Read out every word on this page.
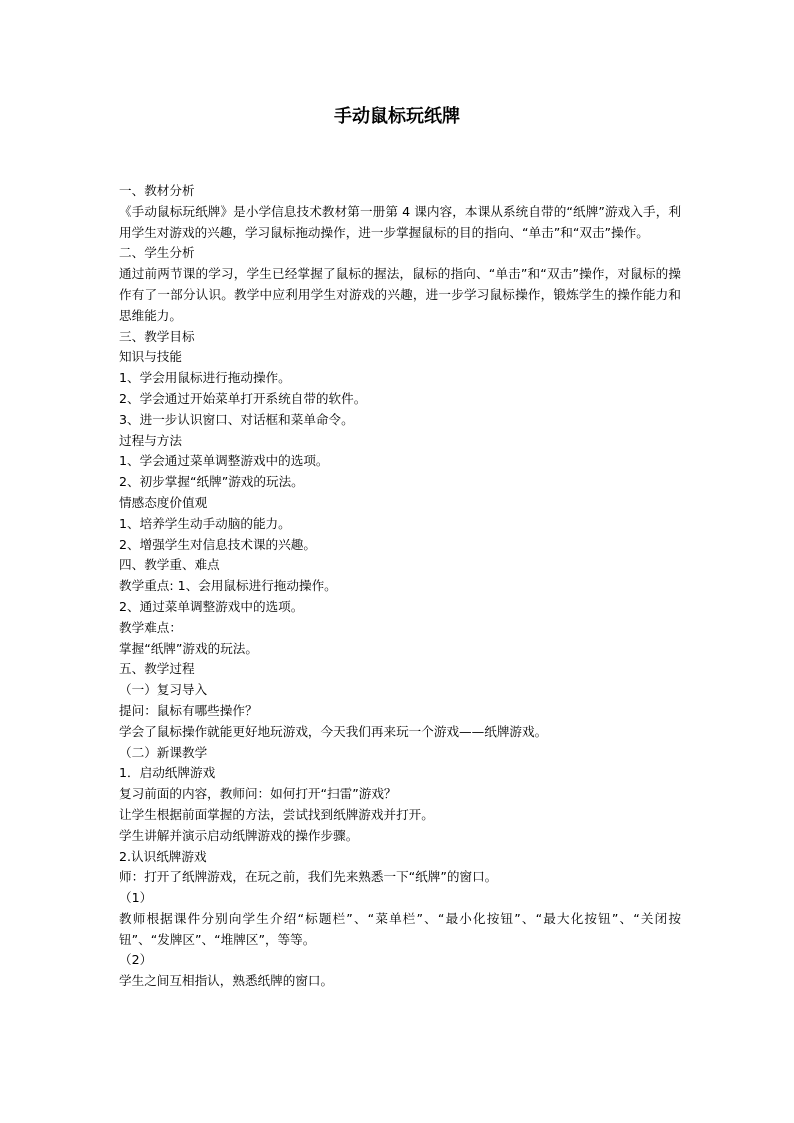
手动鼠标玩纸牌

一、教材分析

《手动鼠标玩纸牌》是小学信息技术教材第一册第 4 课内容，本课从系统自带的“纸牌”游戏入手，利用学生对游戏的兴趣，学习鼠标拖动操作，进一步掌握鼠标的目的指向、“单击”和“双击”操作。

二、学生分析

通过前两节课的学习，学生已经掌握了鼠标的握法，鼠标的指向、“单击”和“双击”操作，对鼠标的操作有了一部分认识。教学中应利用学生对游戏的兴趣，进一步学习鼠标操作，锻炼学生的操作能力和思维能力。

三、教学目标

知识与技能

1、学会用鼠标进行拖动操作。

2、学会通过开始菜单打开系统自带的软件。

3、进一步认识窗口、对话框和菜单命令。

过程与方法

1、学会通过菜单调整游戏中的选项。

2、初步掌握“纸牌”游戏的玩法。

情感态度价值观

1、培养学生动手动脑的能力。

2、增强学生对信息技术课的兴趣。

四、教学重、难点

教学重点: 1、会用鼠标进行拖动操作。

2、通过菜单调整游戏中的选项。

教学难点：

掌握“纸牌”游戏的玩法。

五、教学过程

（一）复习导入

提问：鼠标有哪些操作？

学会了鼠标操作就能更好地玩游戏，今天我们再来玩一个游戏——纸牌游戏。

（二）新课教学

1．启动纸牌游戏

复习前面的内容，教师问：如何打开“扫雷”游戏？

让学生根据前面掌握的方法，尝试找到纸牌游戏并打开。

学生讲解并演示启动纸牌游戏的操作步骤。

2.认识纸牌游戏

师：打开了纸牌游戏，在玩之前，我们先来熟悉一下“纸牌”的窗口。

（1）

教师根据课件分别向学生介绍“标题栏”、“菜单栏”、“最小化按钮”、“最大化按钮”、“关闭按钮”、“发牌区”、“堆牌区”，等等。

（2）

学生之间互相指认，熟悉纸牌的窗口。
